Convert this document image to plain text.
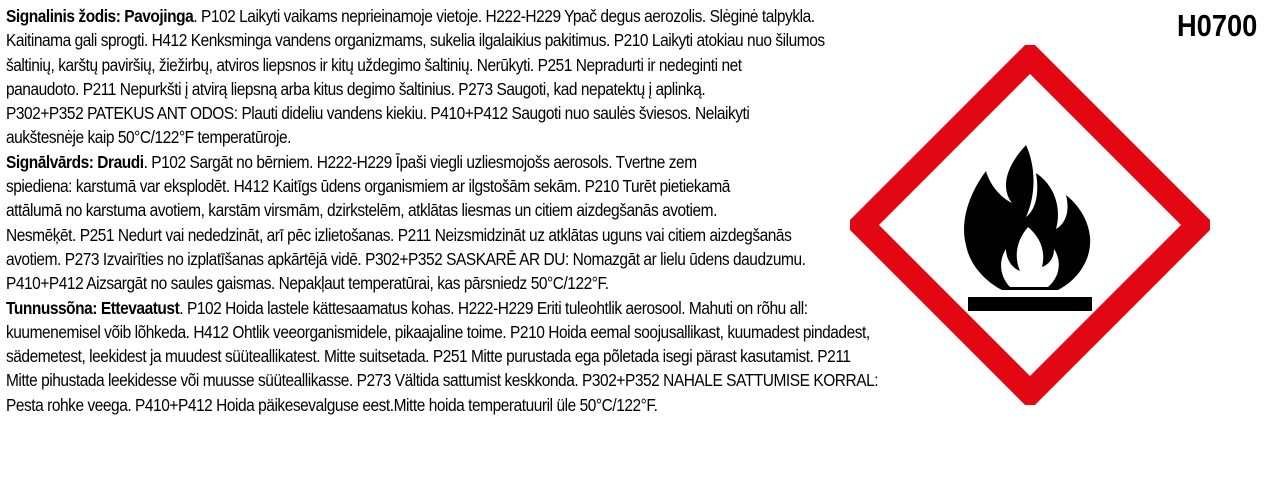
Signalinis žodis: Pavojinga. P102 Laikyti vaikams neprieinamoje vietoje. H222-H229 Ypač degus aerozolis. Slėginė talpykla.
Kaitinama gali sprogti. H412 Kenksminga vandens organizmams, sukelia ilgalaikius pakitimus. P210 Laikyti atokiau nuo šilumos
šaltinių, karštų paviršių, žiežirbų, atviros liepsnos ir kitų uždegimo šaltinių. Nerūkyti. P251 Nepradurti ir nedeginti net
panaudoto. P211 Nepurkšti į atvirą liepsną arba kitus degimo šaltinius. P273 Saugoti, kad nepatektų į aplinką.
P302+P352 PATEKUS ANT ODOS: Plauti dideliu vandens kiekiu. P410+P412 Saugoti nuo saulės šviesos. Nelaikyti
aukštesnėje kaip 50°C/122°F temperatūroje.

Signālvārds: Draudi. P102 Sargāt no bērniem. H222-H229 Īpaši viegli uzliesmojošs aerosols. Tvertne zem
spiediena: karstumā var eksplodēt. H412 Kaitīgs ūdens organismiem ar ilgstošām sekām. P210 Turēt pietiekamā
attālumā no karstuma avotiem, karstām virsmām, dzirkstelēm, atklātas liesmas un citiem aizdegšanās avotiem.
Nesmēķēt. P251 Nedurt vai nededzināt, arī pēc izlietošanas. P211 Neizsmidzināt uz atklātas uguns vai citiem aizdegšanās
avotiem. P273 Izvairīties no izplatīšanas apkārtējā vidē. P302+P352 SASKARĒ AR DU: Nomazgāt ar lielu ūdens daudzumu.
P410+P412 Aizsargāt no saules gaismas. Nepakļaut temperatūrai, kas pārsniedz 50°C/122°F.

Tunnussõna: Ettevaatust. P102 Hoida lastele kättesaamatus kohas. H222-H229 Eriti tuleohtlik aerosool. Mahuti on rõhu all:
kuumenemisel võib lõhkeda. H412 Ohtlik veeorganismidele, pikaajaline toime. P210 Hoida eemal soojusallikast, kuumadest pindadest,
sädemetest, leekidest ja muudest süüteallikatest. Mitte suitsetada. P251 Mitte purustada ega põletada isegi pärast kasutamist. P211
Mitte pihustada leekidesse või muusse süüteallikasse. P273 Vältida sattumist keskkonda. P302+P352 NAHALE SATTUMISE KORRAL:
Pesta rohke veega. P410+P412 Hoida päikesevalguse eest.Mitte hoida temperatuuril üle 50°C/122°F.

H0700
